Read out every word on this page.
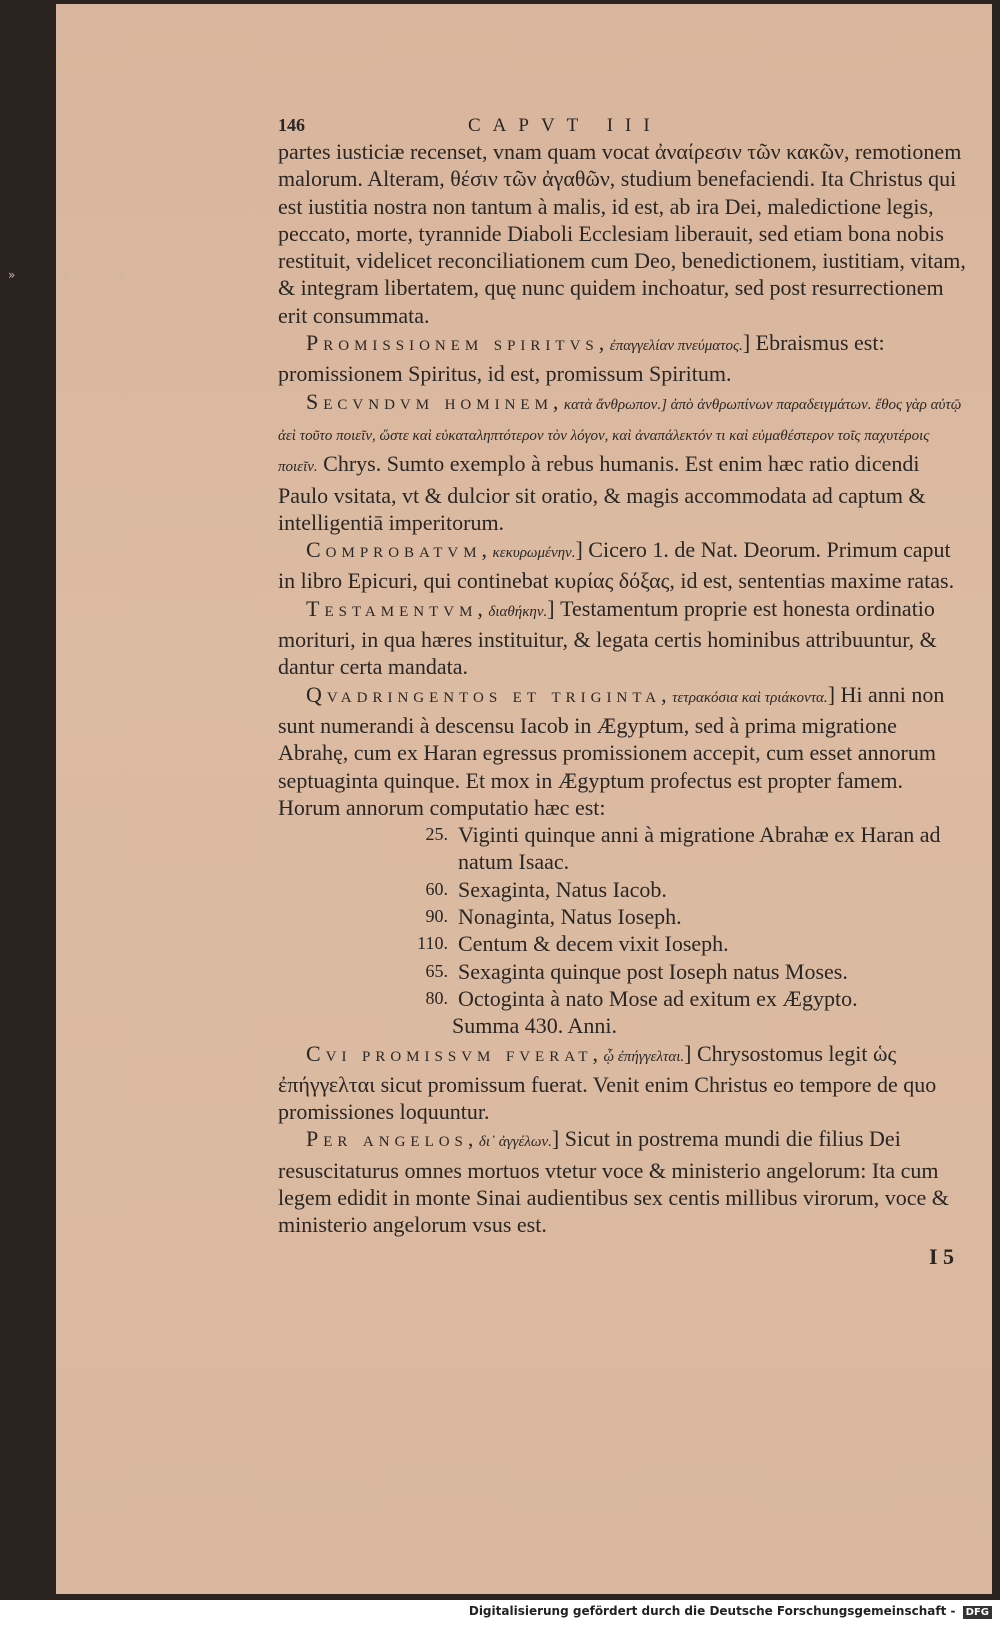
» » »
146	CAPVT III
partes iusticiæ recenset, vnam quam vocat ἀναίρεσιν τῶν κακῶν, remotionem malorum. Alteram, θέσιν τῶν ἀγαθῶν, studium benefaciendi. Ita Christus qui est iustitia nostra non tantum à malis, id est, ab ira Dei, maledictione legis, peccato, morte, tyrannide Diaboli Ecclesiam liberauit, sed etiam bona nobis restituit, videlicet reconciliationem cum Deo, benedictionem, iustitiam, vitam, & integram libertatem, quę nunc quidem inchoatur, sed post resurrectionem erit consummata.
Promissionem spiritvs, ἐπαγγελίαν πνεύματος.] Ebraismus est: promissionem Spiritus, id est, promissum Spiritum.
Secvndvm hominem, κατὰ ἄνθρωπον.] ἀπὸ ἀνθρωπίνων παραδειγμάτων. ἔθος γὰρ αὐτῷ ἀεὶ τοῦτο ποιεῖν, ὥστε καὶ εὐκαταληπτότερον τὸν λόγον, καὶ ἀναπάλεκτόν τι καὶ εὐμαθέστερον τοῖς παχυτέροις ποιεῖν. Chrys. Sumto exemplo à rebus humanis. Est enim hæc ratio dicendi Paulo vsitata, vt & dulcior sit oratio, & magis accommodata ad captum & intelligentiā imperitorum.
Comprobatvm, κεκυρωμένην.] Cicero 1. de Nat. Deorum. Primum caput in libro Epicuri, qui continebat κυρίας δόξας, id est, sententias maxime ratas.
Testamentvm, διαθήκην.] Testamentum proprie est honesta ordinatio morituri, in qua hæres instituitur, & legata certis hominibus attribuuntur, & dantur certa mandata.
Qvadringentos et triginta, τετρακόσια καὶ τριάκοντα.] Hi anni non sunt numerandi à descensu Iacob in Ægyptum, sed à prima migratione Abrahę, cum ex Haran egressus promissionem accepit, cum esset annorum septuaginta quinque. Et mox in Ægyptum profectus est propter famem. Horum annorum computatio hæc est:
25. Viginti quinque anni à migratione Abrahæ ex Haran ad natum Isaac.
60. Sexaginta, Natus Iacob.
90. Nonaginta, Natus Ioseph.
110. Centum & decem vixit Ioseph.
65. Sexaginta quinque post Ioseph natus Moses.
80. Octoginta à nato Mose ad exitum ex Ægypto.
Summa 430. Anni.
Cvi promissvm fverat, ᾧ ἐπήγγελται.] Chrysostomus legit ὡς ἐπήγγελται sicut promissum fuerat. Venit enim Christus eo tempore de quo promissiones loquuntur.
Per angelos, δι᾽ ἀγγέλων.] Sicut in postrema mundi die filius Dei resuscitaturus omnes mortuos vtetur voce & ministerio angelorum: Ita cum legem edidit in monte Sinai audientibus sex centis millibus virorum, voce & ministerio angelorum vsus est.
I 5
Digitalisierung gefördert durch die Deutsche Forschungsgemeinschaft - DFG
